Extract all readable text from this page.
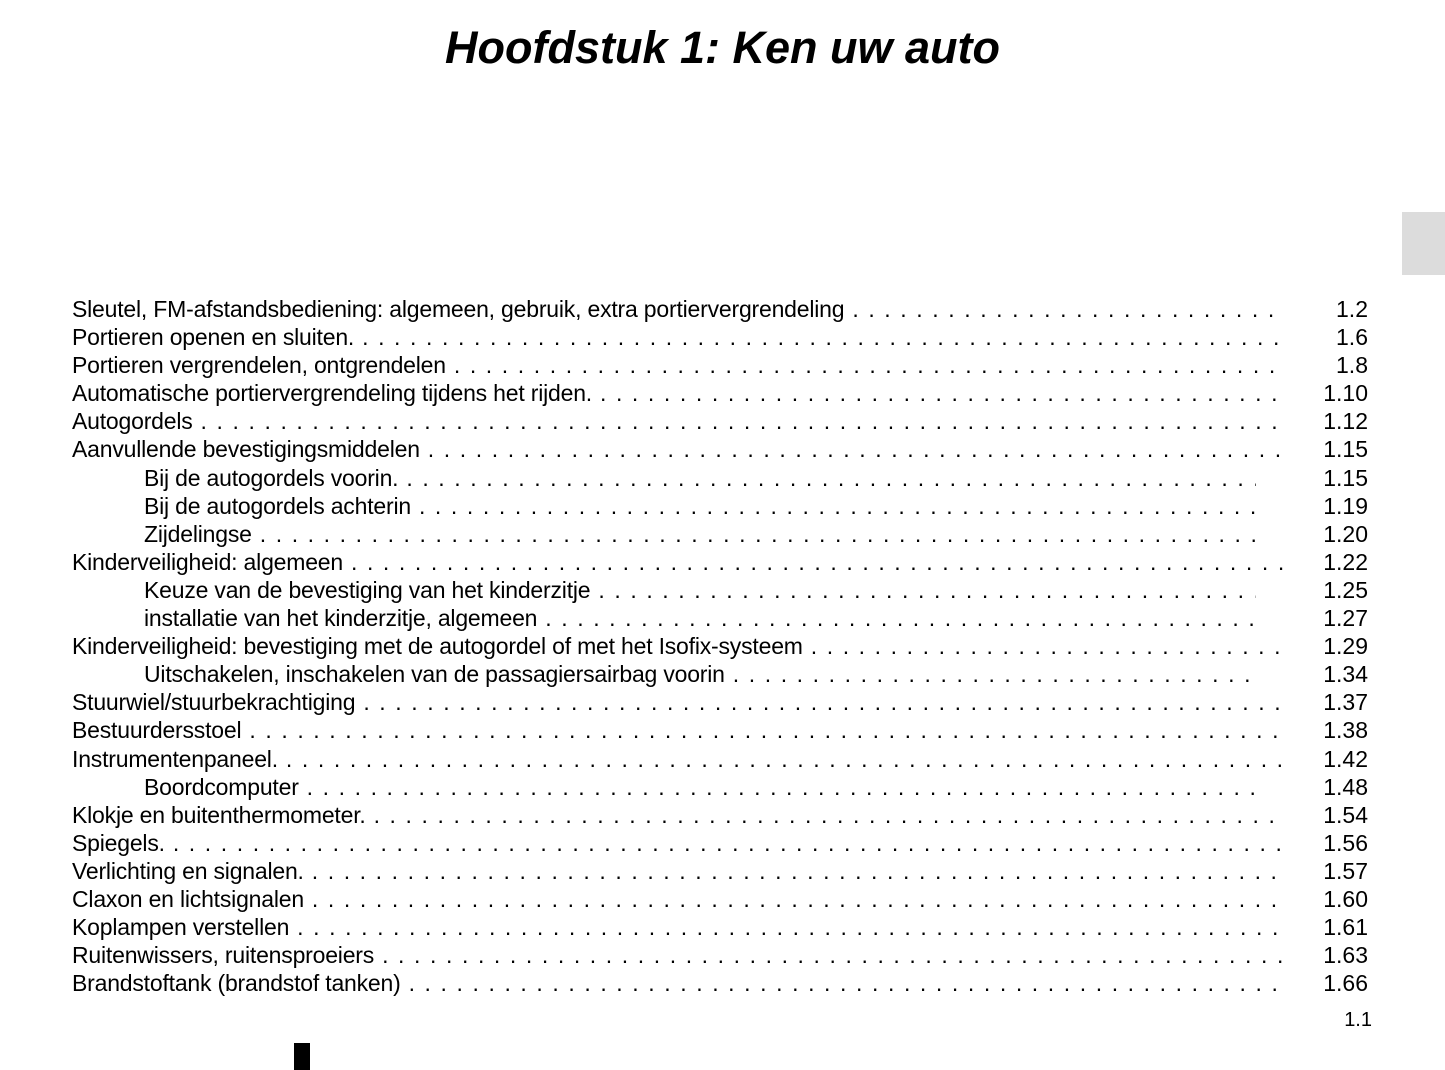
Hoofdstuk 1: Ken uw auto
Sleutel, FM-afstandsbediening: algemeen, gebruik, extra portiervergrendeling . . .	1.2
Portieren openen en sluiten. . . .	1.6
Portieren vergrendelen, ontgrendelen . . .	1.8
Automatische portiervergrendeling tijdens het rijden. . . .	1.10
Autogordels . . .	1.12
Aanvullende bevestigingsmiddelen . . .	1.15
Bij de autogordels voorin. . . .	1.15
Bij de autogordels achterin . . .	1.19
Zijdelingse . . .	1.20
Kinderveiligheid: algemeen . . .	1.22
Keuze van de bevestiging van het kinderzitje . . .	1.25
installatie van het kinderzitje, algemeen . . .	1.27
Kinderveiligheid: bevestiging met de autogordel of met het Isofix-systeem . . .	1.29
Uitschakelen, inschakelen van de passagiersairbag voorin . . .	1.34
Stuurwiel/stuurbekrachtiging . . .	1.37
Bestuurdersstoel . . .	1.38
Instrumentenpaneel. . . .	1.42
Boordcomputer . . .	1.48
Klokje en buitenthermometer. . . .	1.54
Spiegels. . . .	1.56
Verlichting en signalen. . . .	1.57
Claxon en lichtsignalen . . .	1.60
Koplampen verstellen . . .	1.61
Ruitenwissers, ruitensproeiers . . .	1.63
Brandstoftank (brandstof tanken) . . .	1.66
1.1
